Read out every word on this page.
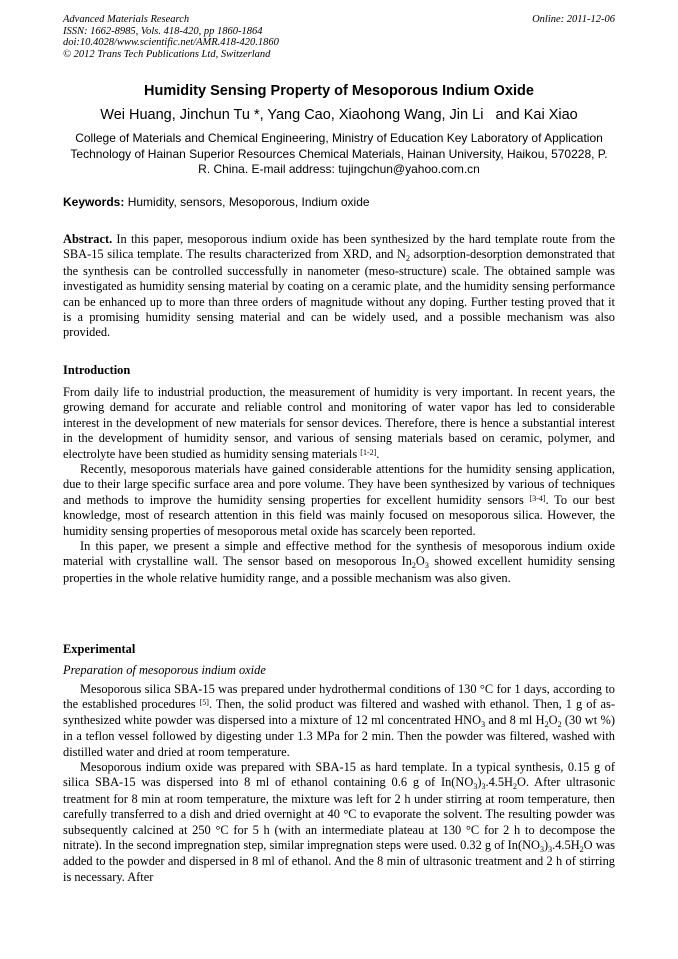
Advanced Materials Research
ISSN: 1662-8985, Vols. 418-420, pp 1860-1864
doi:10.4028/www.scientific.net/AMR.418-420.1860
© 2012 Trans Tech Publications Ltd, Switzerland
Online: 2011-12-06
Humidity Sensing Property of Mesoporous Indium Oxide
Wei Huang, Jinchun Tu *, Yang Cao, Xiaohong Wang, Jin Li   and Kai Xiao
College of Materials and Chemical Engineering, Ministry of Education Key Laboratory of Application Technology of Hainan Superior Resources Chemical Materials, Hainan University, Haikou, 570228, P. R. China. E-mail address: tujingchun@yahoo.com.cn
Keywords: Humidity, sensors, Mesoporous, Indium oxide

Abstract. In this paper, mesoporous indium oxide has been synthesized by the hard template route from the SBA-15 silica template. The results characterized from XRD, and $N_2$ adsorption-desorption demonstrated that the synthesis can be controlled successfully in nanometer (meso-structure) scale. The obtained sample was investigated as humidity sensing material by coating on a ceramic plate, and the humidity sensing performance can be enhanced up to more than three orders of magnitude without any doping. Further testing proved that it is a promising humidity sensing material and can be widely used, and a possible mechanism was also provided.

Introduction

From daily life to industrial production, the measurement of humidity is very important. In recent years, the growing demand for accurate and reliable control and monitoring of water vapor has led to considerable interest in the development of new materials for sensor devices. Therefore, there is hence a substantial interest in the development of humidity sensor, and various of sensing materials based on ceramic, polymer, and electrolyte have been studied as humidity sensing materials [1-2].

Recently, mesoporous materials have gained considerable attentions for the humidity sensing application, due to their large specific surface area and pore volume. They have been synthesized by various of techniques and methods to improve the humidity sensing properties for excellent humidity sensors [3-4]. To our best knowledge, most of research attention in this field was mainly focused on mesoporous silica. However, the humidity sensing properties of mesoporous metal oxide has scarcely been reported.

In this paper, we present a simple and effective method for the synthesis of mesoporous indium oxide material with crystalline wall. The sensor based on mesoporous $In_2O_3$ showed excellent humidity sensing properties in the whole relative humidity range, and a possible mechanism was also given.

Experimental
Preparation of mesoporous indium oxide

Mesoporous silica SBA-15 was prepared under hydrothermal conditions of 130 °C for 1 days, according to the established procedures [5]. Then, the solid product was filtered and washed with ethanol. Then, 1 g of as-synthesized white powder was dispersed into a mixture of 12 ml concentrated $HNO_3$ and 8 ml $H_2O_2$ (30 wt %) in a teflon vessel followed by digesting under 1.3 MPa for 2 min. Then the powder was filtered, washed with distilled water and dried at room temperature.

Mesoporous indium oxide was prepared with SBA-15 as hard template. In a typical synthesis, 0.15 g of silica SBA-15 was dispersed into 8 ml of ethanol containing 0.6 g of $In(NO_3)_3.4.5H_2O$. After ultrasonic treatment for 8 min at room temperature, the mixture was left for 2 h under stirring at room temperature, then carefully transferred to a dish and dried overnight at 40 °C to evaporate the solvent. The resulting powder was subsequently calcined at 250 °C for 5 h (with an intermediate plateau at 130 °C for 2 h to decompose the nitrate). In the second impregnation step, similar impregnation steps were used. 0.32 g of $In(NO_3)_3.4.5H_2O$ was added to the powder and dispersed in 8 ml of ethanol. And the 8 min of ultrasonic treatment and 2 h of stirring is necessary. After
